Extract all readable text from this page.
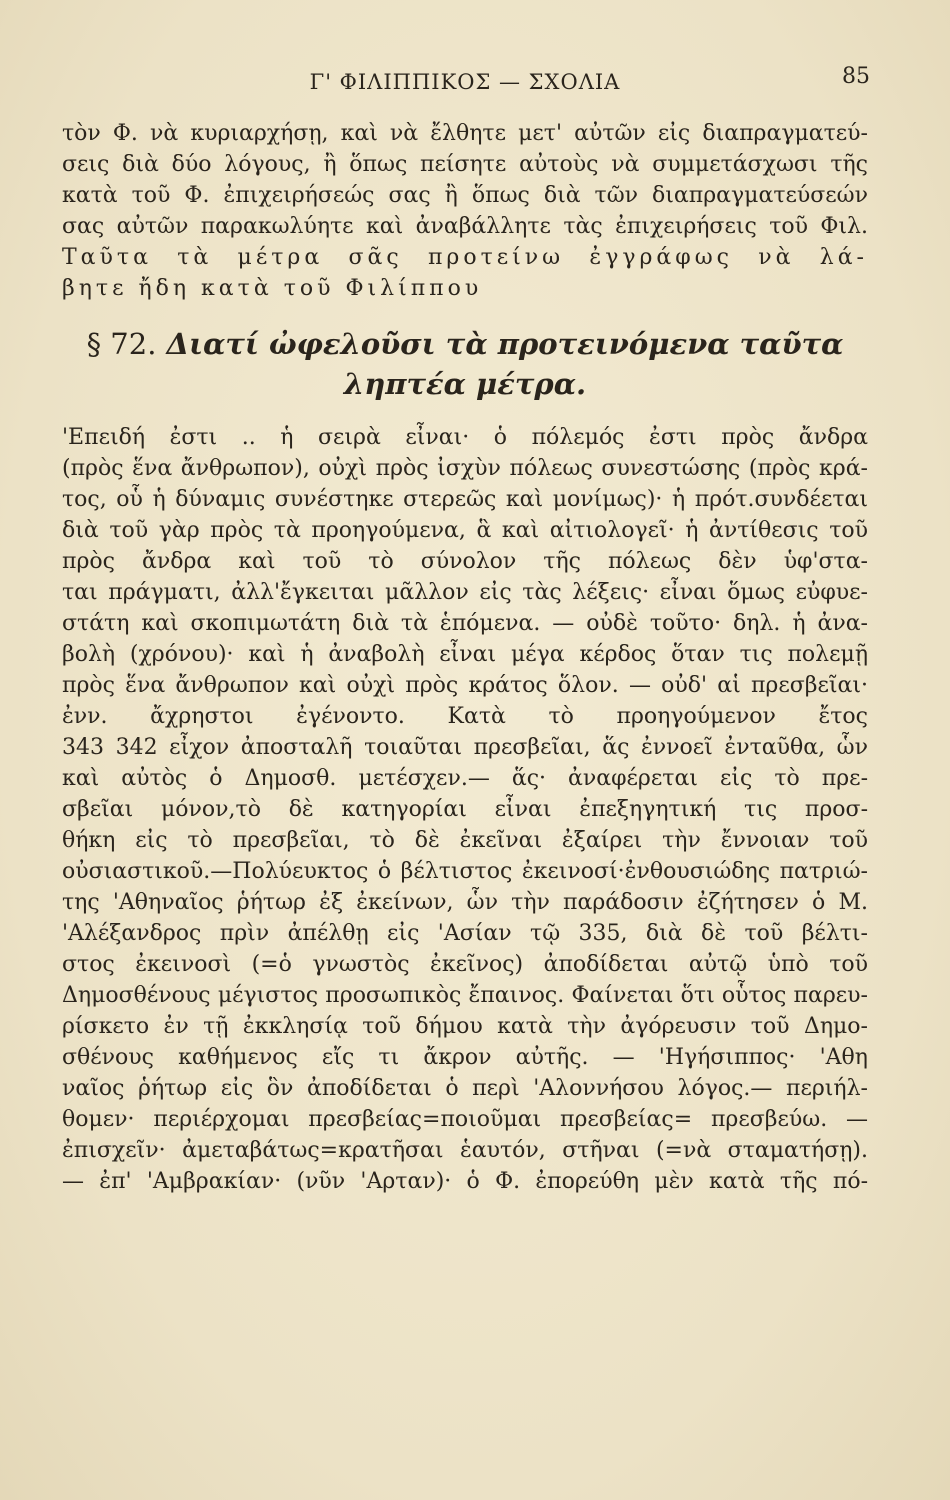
Γ' ΦΙΛΙΠΠΙΚΟΣ — ΣΧΟΛΙΑ	85
τὸν Φ. νὰ κυριαρχήσῃ, καὶ νὰ ἔλθητε μετ' αὐτῶν εἰς διαπραγματεύ-
σεις διὰ δύο λόγους, ἢ ὅπως πείσητε αὐτοὺς νὰ συμμετάσχωσι τῆς
κατὰ τοῦ Φ. ἐπιχειρήσεώς σας ἢ ὅπως διὰ τῶν διαπραγματεύσεών
σας αὐτῶν παρακωλύητε καὶ ἀναβάλλητε τὰς ἐπιχειρήσεις τοῦ Φιλ.
Ταῦτα τὰ μέτρα σᾶς προτείνω ἐγγράφως νὰ λά-
βητε ἤδη κατὰ τοῦ Φιλίππου
§ 72. Διατί ὠφελοῦσι τὰ προτεινόμενα ταῦτα
ληπτέα μέτρα.
'Επειδή ἐστι .. ἡ σειρὰ εἶναι· ὁ πόλεμός ἐστι πρὸς ἄνδρα
(πρὸς ἕνα ἄνθρωπον), οὐχὶ πρὸς ἰσχὺν πόλεως συνεστώσης (πρὸς κρά-
τος, οὗ ἡ δύναμις συνέστηκε στερεῶς καὶ μονίμως)· ἡ πρότ.συνδέεται
διὰ τοῦ γὰρ πρὸς τὰ προηγούμενα, ἃ καὶ αἰτιολογεῖ· ἡ ἀντίθεσις τοῦ
πρὸς ἄνδρα καὶ τοῦ τὸ σύνολον τῆς πόλεως δὲν ὑφ'στα-
ται πράγματι, ἀλλ'ἔγκειται μᾶλλον εἰς τὰς λέξεις· εἶναι ὅμως εὐφυε-
στάτη καὶ σκοπιμωτάτη διὰ τὰ ἑπόμενα. — οὐδὲ τοῦτο· δηλ. ἡ ἀνα-
βολὴ (χρόνου)· καὶ ἡ ἀναβολὴ εἶναι μέγα κέρδος ὅταν τις πολεμῇ
πρὸς ἕνα ἄνθρωπον καὶ οὐχὶ πρὸς κράτος ὅλον. — οὐδ' αἱ πρεσβεῖαι·
ἐνν. ἄχρηστοι ἐγένοντο. Κατὰ τὸ προηγούμενον ἔτος
343 342 εἶχον ἀποσταλῆ τοιαῦται πρεσβεῖαι, ἅς ἐννοεῖ ἐνταῦθα, ὧν
καὶ αὐτὸς ὁ Δημοσθ. μετέσχεν.— ἅς· ἀναφέρεται εἰς τὸ πρε-
σβεῖαι μόνον,τὸ δὲ κατηγορίαι εἶναι ἐπεξηγητική τις προσ-
θήκη εἰς τὸ πρεσβεῖαι, τὸ δὲ ἐκεῖναι ἐξαίρει τὴν ἔννοιαν τοῦ
οὐσιαστικοῦ.—Πολύευκτος ὁ βέλτιστος ἐκεινοσί·ἐνθουσιώδης πατριώ-
της 'Αθηναῖος ῥήτωρ ἐξ ἐκείνων, ὧν τὴν παράδοσιν ἐζήτησεν ὁ Μ.
'Αλέξανδρος πρὶν ἀπέλθῃ εἰς 'Ασίαν τῷ 335, διὰ δὲ τοῦ βέλτι-
στος ἐκεινοσὶ (=ὁ γνωστὸς ἐκεῖνος) ἀποδίδεται αὐτῷ ὑπὸ τοῦ
Δημοσθένους μέγιστος προσωπικὸς ἔπαινος. Φαίνεται ὅτι οὗτος παρευ-
ρίσκετο ἐν τῇ ἐκκλησίᾳ τοῦ δήμου κατὰ τὴν ἀγόρευσιν τοῦ Δημο-
σθένους καθήμενος εἴς τι ἄκρον αὐτῆς. — 'Ηγήσιππος· 'Αθη
ναῖος ῥήτωρ εἰς ὃν ἀποδίδεται ὁ περὶ 'Αλοννήσου λόγος.— περιήλ-
θομεν· περιέρχομαι πρεσβείας=ποιοῦμαι πρεσβείας= πρεσβεύω. —
ἐπισχεῖν· ἀμεταβάτως=κρατῆσαι ἑαυτόν, στῆναι (=νὰ σταματήσῃ).
— ἐπ' 'Αμβρακίαν· (νῦν 'Αρταν)· ὁ Φ. ἐπορεύθη μὲν κατὰ τῆς πό-
